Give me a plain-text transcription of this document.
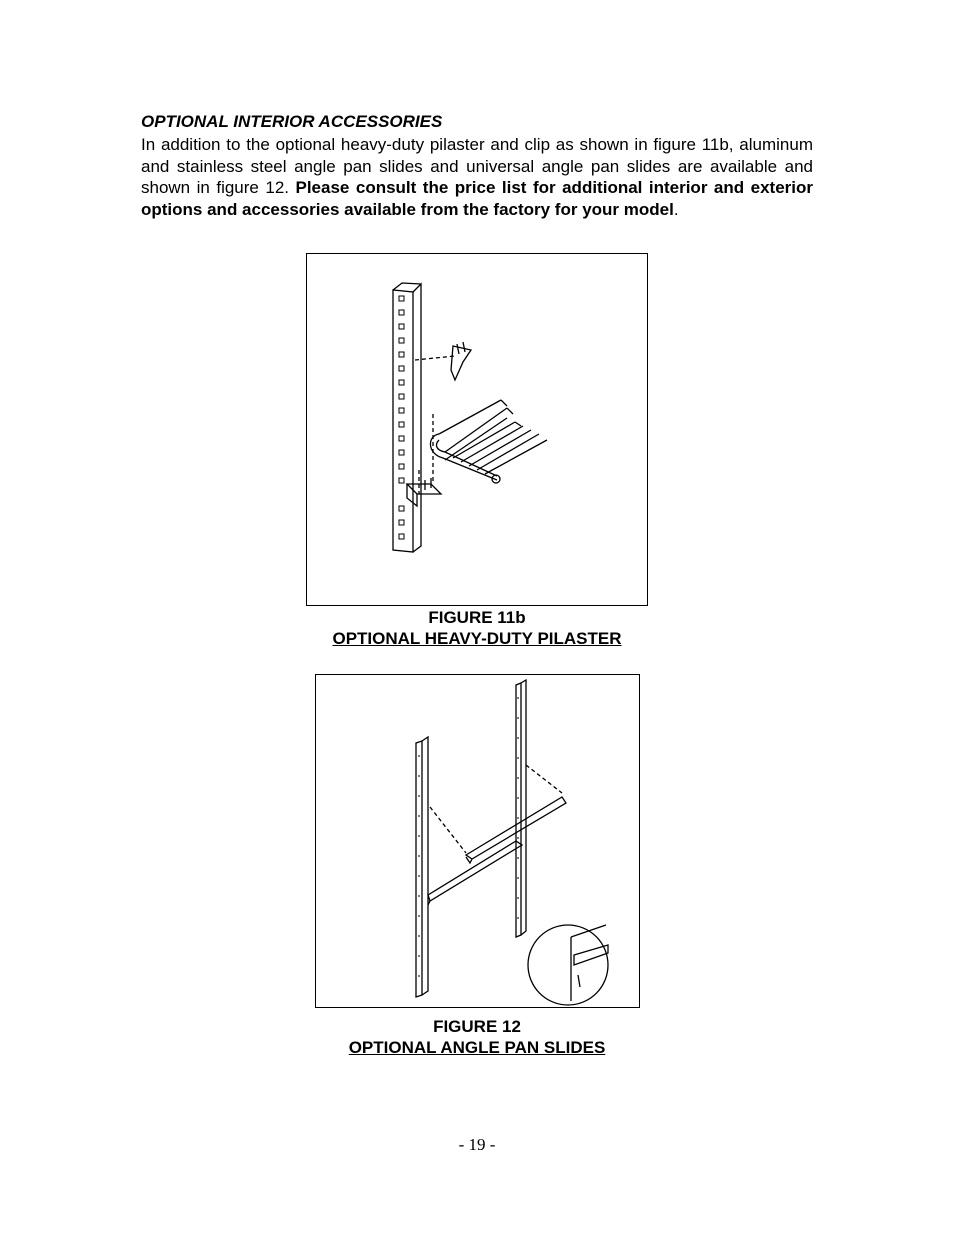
OPTIONAL INTERIOR ACCESSORIES

In addition to the optional heavy-duty pilaster and clip as shown in figure 11b, aluminum and stainless steel angle pan slides and universal angle pan slides are available and shown in figure 12. Please consult the price list for additional interior and exterior options and accessories available from the factory for your model.

FIGURE 11b
OPTIONAL HEAVY-DUTY PILASTER
FIGURE 12
OPTIONAL ANGLE PAN SLIDES
- 19 -
